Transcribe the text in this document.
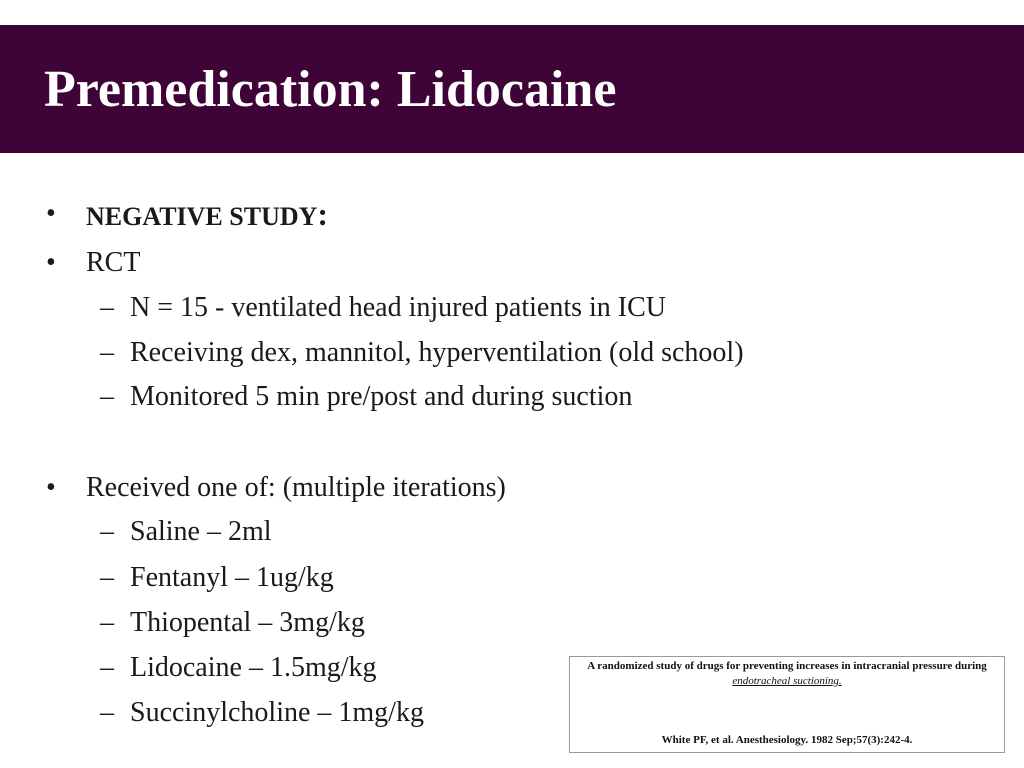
Premedication: Lidocaine
• NEGATIVE STUDY:
• RCT
– N = 15 - ventilated head injured patients in ICU
– Receiving dex, mannitol, hyperventilation (old school)
– Monitored 5 min pre/post and during suction
• Received one of: (multiple iterations)
– Saline – 2ml
– Fentanyl – 1ug/kg
– Thiopental – 3mg/kg
– Lidocaine – 1.5mg/kg
– Succinylcholine – 1mg/kg
A randomized study of drugs for preventing increases in intracranial pressure during endotracheal suctioning.
White PF, et al. Anesthesiology. 1982 Sep;57(3):242-4.
